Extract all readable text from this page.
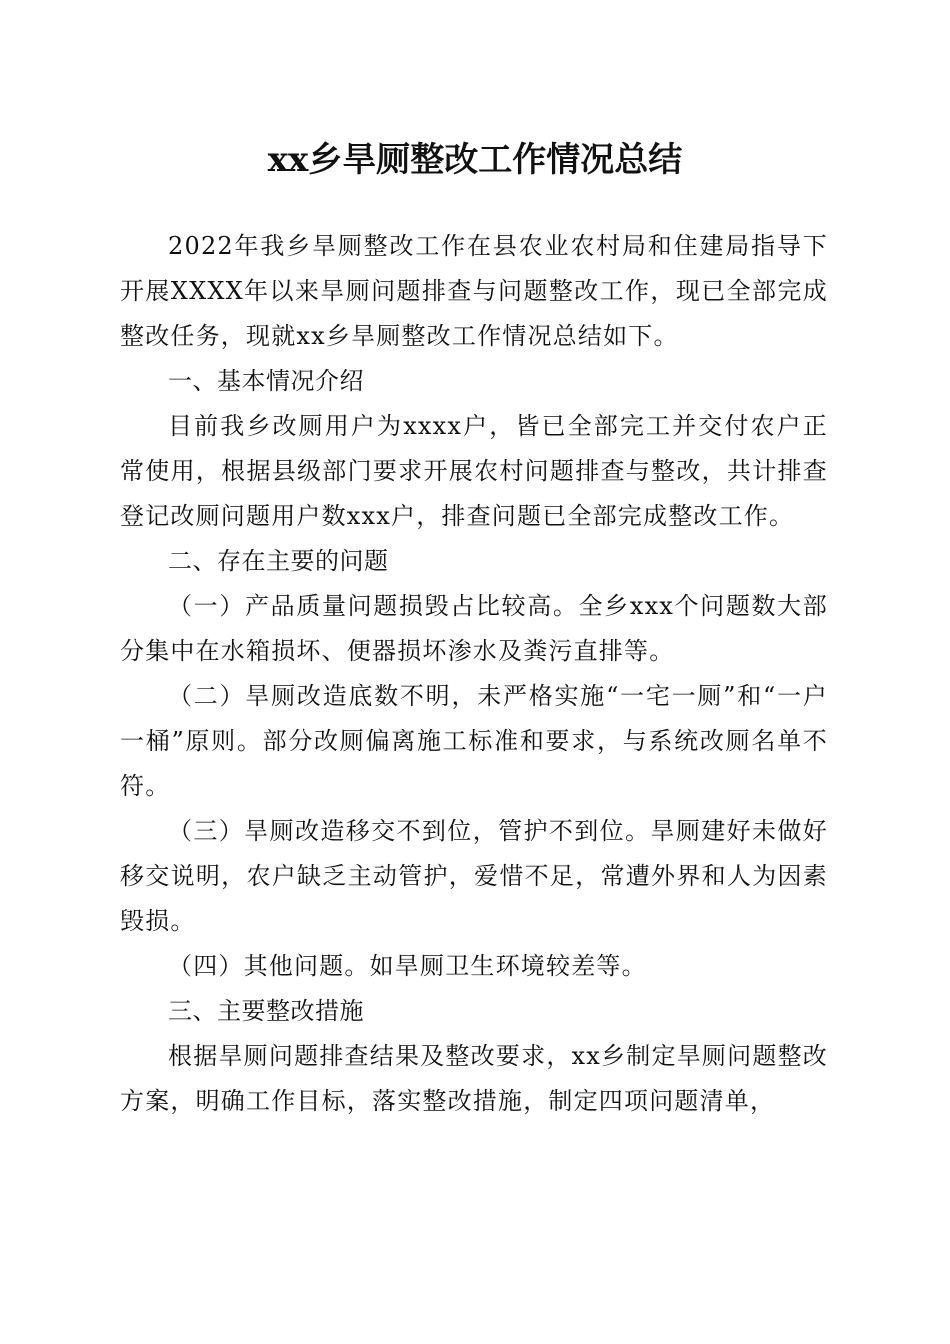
xx乡旱厕整改工作情况总结

2022年我乡旱厕整改工作在县农业农村局和住建局指导下开展XXXX年以来旱厕问题排查与问题整改工作，现已全部完成整改任务，现就xx乡旱厕整改工作情况总结如下。

一、基本情况介绍

目前我乡改厕用户为xxxx户，皆已全部完工并交付农户正常使用，根据县级部门要求开展农村问题排查与整改，共计排查登记改厕问题用户数xxx户，排查问题已全部完成整改工作。

二、存在主要的问题

（一）产品质量问题损毁占比较高。全乡xxx个问题数大部分集中在水箱损坏、便器损坏渗水及粪污直排等。

（二）旱厕改造底数不明，未严格实施“一宅一厕”和“一户一桶”原则。部分改厕偏离施工标准和要求，与系统改厕名单不符。

（三）旱厕改造移交不到位，管护不到位。旱厕建好未做好移交说明，农户缺乏主动管护，爱惜不足，常遭外界和人为因素毁损。

（四）其他问题。如旱厕卫生环境较差等。

三、主要整改措施

根据旱厕问题排查结果及整改要求，xx乡制定旱厕问题整改方案，明确工作目标，落实整改措施，制定四项问题清单，
